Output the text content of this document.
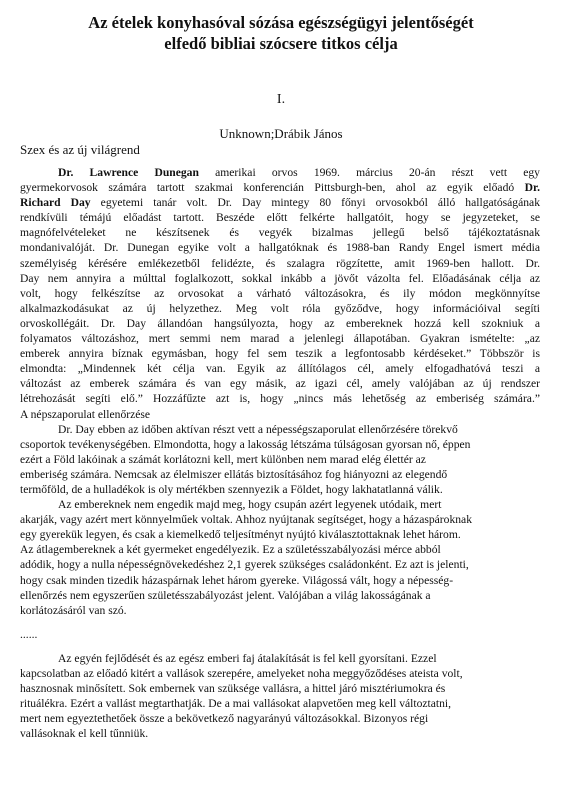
Az ételek konyhasóval sózása egészségügyi jelentőségét
elfedő bibliai szócsere titkos célja
I.
Unknown;Drábik János
Szex és az új világrend
Dr. Lawrence Dunegan amerikai orvos 1969. március 20-án részt vett egy
gyermekorvosok számára tartott szakmai konferencián Pittsburgh-ben, ahol az egyik előadó Dr.
Richard Day egyetemi tanár volt. Dr. Day mintegy 80 főnyi orvosokból álló hallgatóságának
rendkívüli témájú előadást tartott. Beszéde előtt felkérte hallgatóit, hogy se jegyzeteket, se
magnófelvételeket ne készítsenek és vegyék bizalmas jellegű belső tájékoztatásnak
mondanivalóját. Dr. Dunegan egyike volt a hallgatóknak és 1988-ban Randy Engel ismert média
személyiség kérésére emlékezetből felidézte, és szalagra rögzítette, amit 1969-ben hallott. Dr.
Day nem annyira a múlttal foglalkozott, sokkal inkább a jövőt vázolta fel. Előadásának célja az
volt, hogy felkészítse az orvosokat a várható változásokra, és ily módon megkönnyítse
alkalmazkodásukat az új helyzethez. Meg volt róla győződve, hogy információival segíti
orvoskollégáit. Dr. Day állandóan hangsúlyozta, hogy az embereknek hozzá kell szokniuk a
folyamatos változáshoz, mert semmi nem marad a jelenlegi állapotában. Gyakran ismételte: „az
emberek annyira bíznak egymásban, hogy fel sem teszik a legfontosabb kérdéseket.” Többször is
elmondta: „Mindennek két célja van. Egyik az állítólagos cél, amely elfogadhatóvá teszi a
változást az emberek számára és van egy másik, az igazi cél, amely valójában az új rendszer
létrehozását segíti elő.” Hozzáfűzte azt is, hogy „nincs más lehetőség az emberiség számára.”
A népszaporulat ellenőrzése
Dr. Day ebben az időben aktívan részt vett a népességszaporulat ellenőrzésére törekvő
csoportok tevékenységében. Elmondotta, hogy a lakosság létszáma túlságosan gyorsan nő, éppen
ezért a Föld lakóinak a számát korlátozni kell, mert különben nem marad elég élettér az
emberiség számára. Nemcsak az élelmiszer ellátás biztosításához fog hiányozni az elegendő
termőföld, de a hulladékok is oly mértékben szennyezik a Földet, hogy lakhatatlanná válik.
Az embereknek nem engedik majd meg, hogy csupán azért legyenek utódaik, mert
akarják, vagy azért mert könnyelműek voltak. Ahhoz nyújtanak segítséget, hogy a házaspároknak
egy gyerekük legyen, és csak a kiemelkedő teljesítményt nyújtó kiválasztottaknak lehet három.
Az átlagembereknek a két gyermeket engedélyezik. Ez a születésszabályozási mérce abból
adódik, hogy a nulla népességnövekedéshez 2,1 gyerek szükséges családonként. Ez azt is jelenti,
hogy csak minden tizedik házaspárnak lehet három gyereke. Világossá vált, hogy a népesség-
ellenőrzés nem egyszerűen születésszabályozást jelent. Valójában a világ lakosságának a
korlátozásáról van szó.
......
Az egyén fejlődését és az egész emberi faj átalakítását is fel kell gyorsítani. Ezzel
kapcsolatban az előadó kitért a vallások szerepére, amelyeket noha meggyőződéses ateista volt,
hasznosnak minősített. Sok embernek van szüksége vallásra, a hittel járó misztériumokra és
rituálékra. Ezért a vallást megtarthatják. De a mai vallásokat alapvetően meg kell változtatni,
mert nem egyeztethetőek össze a bekövetkező nagyarányú változásokkal. Bizonyos régi
vallásoknak el kell tűnniük.
